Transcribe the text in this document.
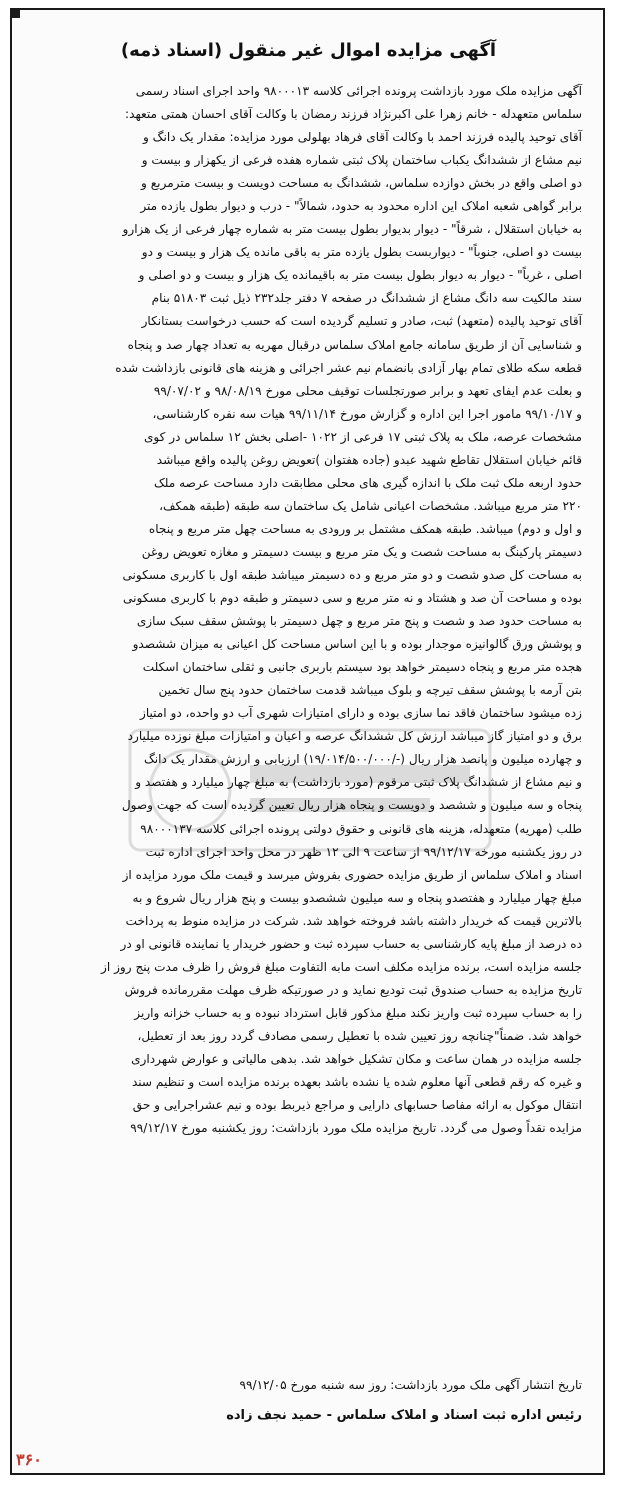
آگهی مزایده اموال غیر منقول (اسناد ذمه)
آگهی مزایده ملک مورد بازداشت پرونده اجرائی کلاسه ۹۸۰۰۰۱۳ واحد اجرای اسناد رسمی
سلماس متعهدله - خانم زهرا علی اکبرنژاد فرزند رمضان با وکالت آقای احسان همتی متعهد:
آقای توحید پالیده فرزند احمد با وکالت آقای فرهاد بهلولی مورد مزایده: مقدار یک دانگ و
نیم مشاع از ششدانگ یکباب ساختمان پلاک ثبتی شماره هفده فرعی از یکهزار و بیست و
دو اصلی واقع در بخش دوازده سلماس، ششدانگ به مساحت دویست و بیست مترمربع و
برابر گواهی شعبه املاک این اداره محدود به حدود، شمالاً" - درب و دیوار بطول یازده متر
به خیابان استقلال ، شرقاً" - دیوار بدیوار بطول بیست متر به شماره چهار فرعی از یک هزارو
بیست دو اصلی، جنوباً" - دیواربست بطول یازده متر به باقی مانده یک هزار و بیست و دو
اصلی ، غرباً" - دیوار به دیوار بطول بیست متر به باقیمانده یک هزار و بیست و دو اصلی و
سند مالکیت سه دانگ مشاع از ششدانگ در صفحه ۷ دفتر جلد۲۳۲ ذیل ثبت ۵۱۸۰۳ بنام
آقای توحید پالیده (متعهد) ثبت، صادر و تسلیم گردیده است که حسب درخواست بستانکار
و شناسایی آن از طریق سامانه جامع املاک سلماس درقبال مهریه به تعداد چهار صد و پنجاه
قطعه سکه طلای تمام بهار آزادی بانضمام نیم عشر اجرائی و هزینه های قانونی بازداشت شده
و بعلت عدم ایفای تعهد و برابر صورتجلسات توقیف محلی مورخ ۹۸/۰۸/۱۹ و ۹۹/۰۷/۰۲
و ۹۹/۱۰/۱۷ مامور اجرا این اداره و گزارش مورخ ۹۹/۱۱/۱۴ هیات سه نفره کارشناسی،
مشخصات عرصه، ملک به پلاک ثبتی ۱۷ فرعی از ۱۰۲۲ -اصلی بخش ۱۲ سلماس در کوی
قائم خیابان استقلال تقاطع شهید عبدو (جاده هفتوان )تعویض روغن پالیده واقع میباشد
حدود اربعه ملک ثبت ملک با اندازه گیری های محلی مطابقت دارد مساحت عرصه ملک
۲۲۰ متر مربع میباشد. مشخصات اعیانی شامل یک ساختمان سه طبقه (طبقه همکف،
و اول و دوم) میباشد. طبقه همکف مشتمل بر ورودی به مساحت چهل متر مربع و پنجاه
دسیمتر پارکینگ به مساحت شصت و یک متر مربع و بیست دسیمتر و مغازه تعویض روغن
به مساحت کل صدو شصت و دو متر مربع و ده دسیمتر میباشد طبقه اول با کاربری مسکونی
بوده و مساحت آن صد و هشتاد و نه متر مربع و سی دسیمتر و طبقه دوم با کاربری مسکونی
به مساحت حدود صد و شصت و پنج متر مربع و چهل دسیمتر با پوشش سقف سبک سازی
و پوشش ورق گالوانیزه موجدار بوده و با این اساس مساحت کل اعیانی به میزان ششصدو
هجده متر مربع و پنجاه دسیمتر خواهد بود سیستم باربری جانبی و ثقلی ساختمان اسکلت
بتن آرمه با پوشش سقف تیرچه و بلوک میباشد قدمت ساختمان حدود پنج سال تخمین
زده میشود ساختمان فاقد نما سازی بوده و دارای امتیازات شهری آب دو واحده، دو امتیاز
برق و دو امتیاز گاز میباشد ارزش کل ششدانگ عرصه و اعیان و امتیازات مبلغ نوزده میلیارد
و چهارده میلیون و پانصد هزار ریال (-/۱۹/۰۱۴/۵۰۰/۰۰۰) ارزیابی و ارزش مقدار یک دانگ
و نیم مشاع از ششدانگ پلاک ثبتی مرقوم (مورد بازداشت) به مبلغ چهار میلیارد و هفتصد و
پنجاه و سه میلیون و ششصد و دویست و پنجاه هزار ریال تعیین گردیده است که جهت وصول
طلب (مهریه) متعهدله، هزینه های قانونی و حقوق دولتی پرونده اجرائی کلاسه ۹۸۰۰۰۱۳۷
در روز یکشنبه مورخه ۹۹/۱۲/۱۷ از ساعت ۹ الی ۱۲ ظهر در محل واحد اجرای اداره ثبت
اسناد و املاک سلماس از طریق مزایده حضوری بفروش میرسد و قیمت ملک مورد مزایده از
مبلغ چهار میلیارد و هفتصدو پنجاه و سه میلیون ششصدو بیست و پنج هزار ریال شروع و به
بالاترین قیمت که خریدار داشته باشد فروخته خواهد شد. شرکت در مزایده منوط به پرداخت
ده درصد از مبلغ پایه کارشناسی به حساب سپرده ثبت و حضور خریدار یا نماینده قانونی او در
جلسه مزایده است، برنده مزایده مکلف است مابه التفاوت مبلغ فروش را ظرف مدت پنج روز از
تاریخ مزایده به حساب صندوق ثبت تودیع نماید و در صورتیکه ظرف مهلت مقررمانده فروش
را به حساب سپرده ثبت واریز نکند مبلغ مذکور قابل استرداد نبوده و به حساب خزانه واریز
خواهد شد. ضمناً"چنانچه روز تعیین شده با تعطیل رسمی مصادف گردد روز بعد از تعطیل،
جلسه مزایده در همان ساعت و مکان تشکیل خواهد شد. بدهی مالیاتی و عوارض شهرداری
و غیره که رقم قطعی آنها معلوم شده یا نشده باشد بعهده برنده مزایده است و تنظیم سند
انتقال موکول به ارائه مفاصا حسابهای دارایی و مراجع ذیربط بوده و نیم عشراجرایی و حق
مزایده نقداً وصول می گردد. تاریخ مزایده ملک مورد بازداشت: روز یکشنبه مورخ ۹۹/۱۲/۱۷
تاریخ انتشار آگهی ملک مورد بازداشت: روز سه شنبه مورخ ۹۹/۱۲/۰۵
رئیس اداره ثبت اسناد و املاک سلماس - حمید نجف زاده
۳۶۰
